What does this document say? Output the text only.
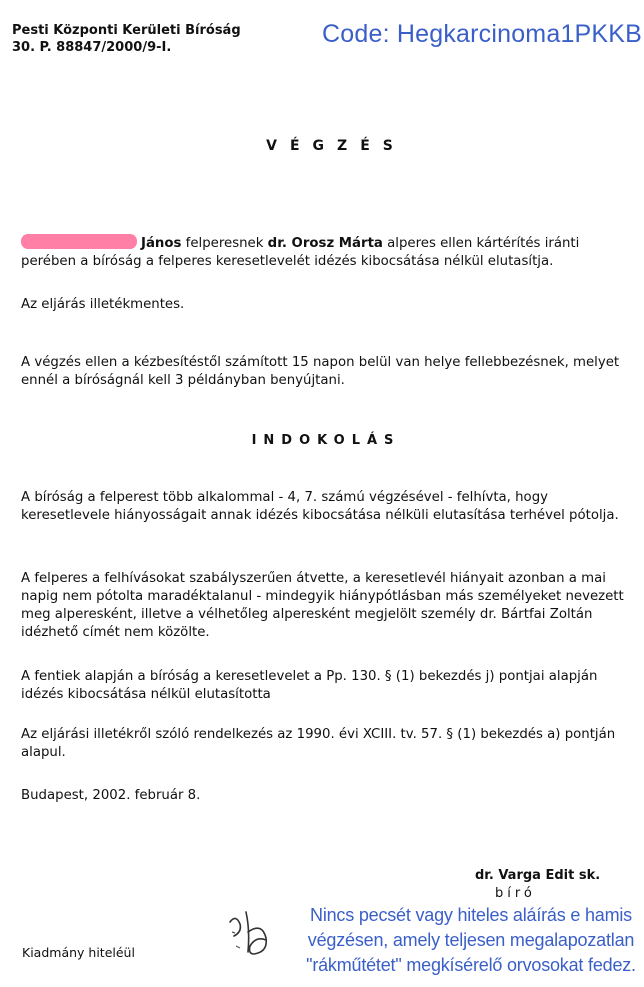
Pesti Központi Kerületi Bíróság
30. P. 88847/2000/9-I.	Code: Hegkarcinoma1PKKB
VÉGZÉS
János felperesnek dr. Orosz Márta alperes ellen kártérítés iránti perében a bíróság a felperes keresetlevelét idézés kibocsátása nélkül elutasítja.
Az eljárás illetékmentes.
A végzés ellen a kézbesítéstől számított 15 napon belül van helye fellebbezésnek, melyet ennél a bíróságnál kell 3 példányban benyújtani.
INDOKOLÁS
A bíróság a felperest több alkalommal - 4, 7. számú végzésével - felhívta, hogy keresetlevele hiányosságait annak idézés kibocsátása nélküli elutasítása terhével pótolja.
A felperes a felhívásokat szabályszerűen átvette, a keresetlevél hiányait azonban a mai napig nem pótolta maradéktalanul - mindegyik hiánypótlásban más személyeket nevezett meg alperesként, illetve a vélhetőleg alperesként megjelölt személy dr. Bártfai Zoltán idézhető címét nem közölte.
A fentiek alapján a bíróság a keresetlevelet a Pp. 130. § (1) bekezdés j) pontjai alapján idézés kibocsátása nélkül elutasította
Az eljárási illetékről szóló rendelkezés az 1990. évi XCIII. tv. 57. § (1) bekezdés a) pontján alapul.
Budapest, 2002. február 8.
dr. Varga Edit sk.
bíró
Kiadmány hiteléül
Nincs pecsét vagy hiteles aláírás e hamis
végzésen, amely teljesen megalapozatlan
"rákműtétet" megkísérelő orvosokat fedez.
